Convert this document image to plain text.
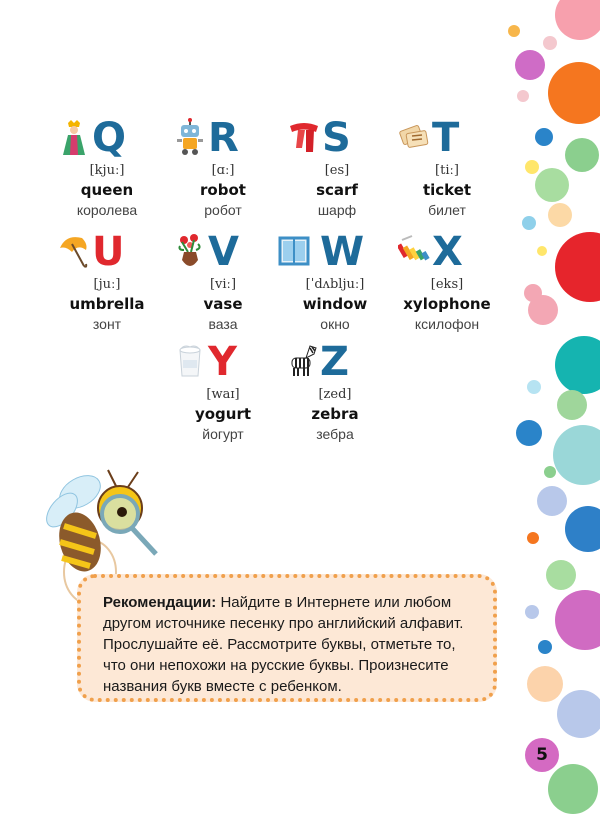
Q
[kjuː]
queen
королева
R
[ɑː]
robot
робот
S
[es]
scarf
шарф
T
[tiː]
ticket
билет
U
[juː]
umbrella
зонт
V
[viː]
vase
ваза
W
[ˈdʌbljuː]
window
окно
X
[eks]
xylophone
ксилофон
Y
[waɪ]
yogurt
йогурт
Z
[zed]
zebra
зебра
Рекомендации: Найдите в Интернете или любом другом источнике песенку про английский алфавит. Прослушайте её. Рассмотрите буквы, отметьте то, что они непохожи на русские буквы. Произнесите названия букв вместе с ребенком.
5
